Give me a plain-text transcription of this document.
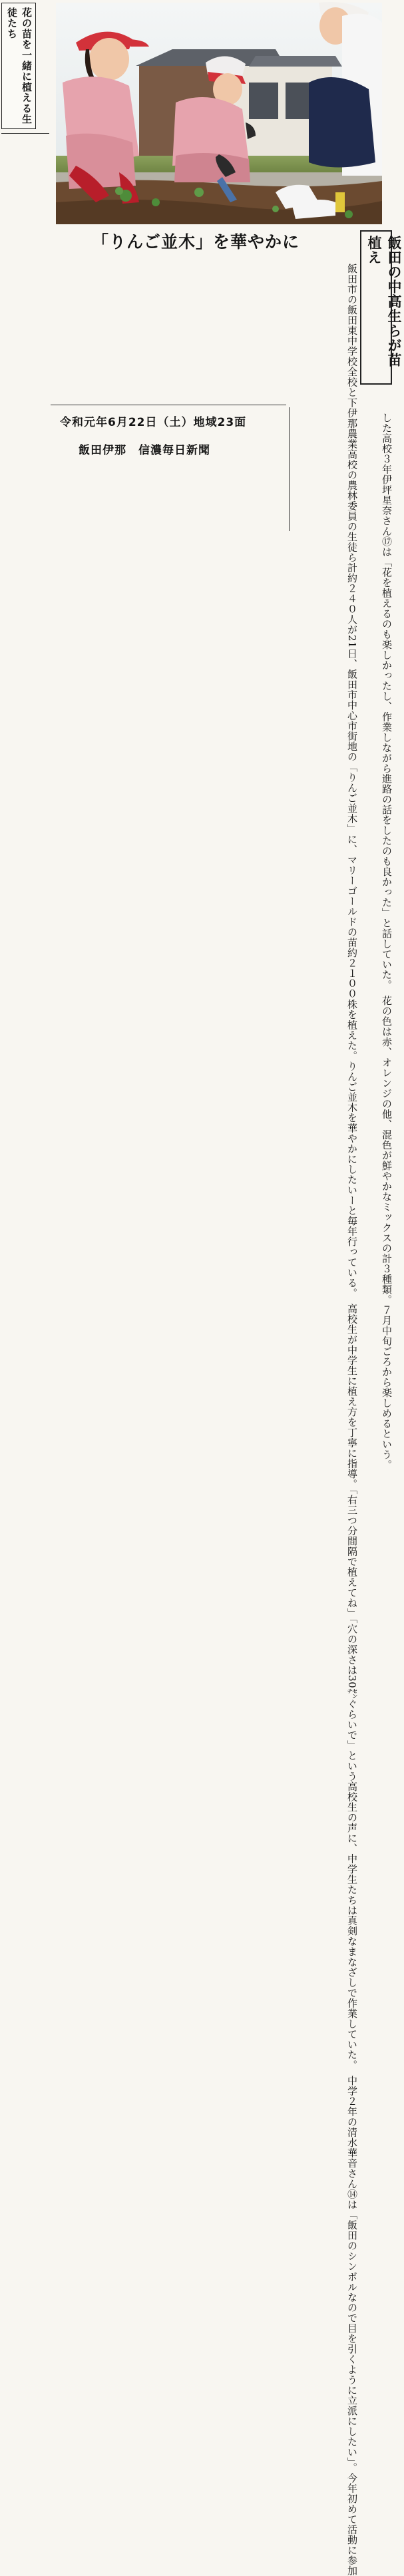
花の苗を一緒に植える生徒たち
「りんご並木」を華やかに	飯田の中高生らが苗植え
飯田市の飯田東中学校全校と下伊那農業高校の農林委員の生徒ら計約２４０人が21日、飯田市中心市街地の「りんご並木」に、マリーゴールドの苗約２１００株を植えた。りんご並木を華やかにしたいーと毎年行っている。　高校生が中学生に植え方を丁寧に指導。「右三つ分間隔で植えてね」「穴の深さは30㌢ぐらいで」という高校生の声に、中学生たちは真剣なまなざしで作業していた。　中学２年の清水華音さん⑭は「飯田のシンボルなので目を引くように立派にしたい」。今年初めて活動に参加	した高校３年伊坪星奈さん⑰は「花を植えるのも楽しかったし、作業しながら進路の話をしたのも良かった」と話していた。　花の色は赤、オレンジの他、混色が鮮やかなミックスの計３種類。７月中旬ごろから楽しめるという。
令和元年6月22日（土）地域23面
飯田伊那　信濃毎日新聞
